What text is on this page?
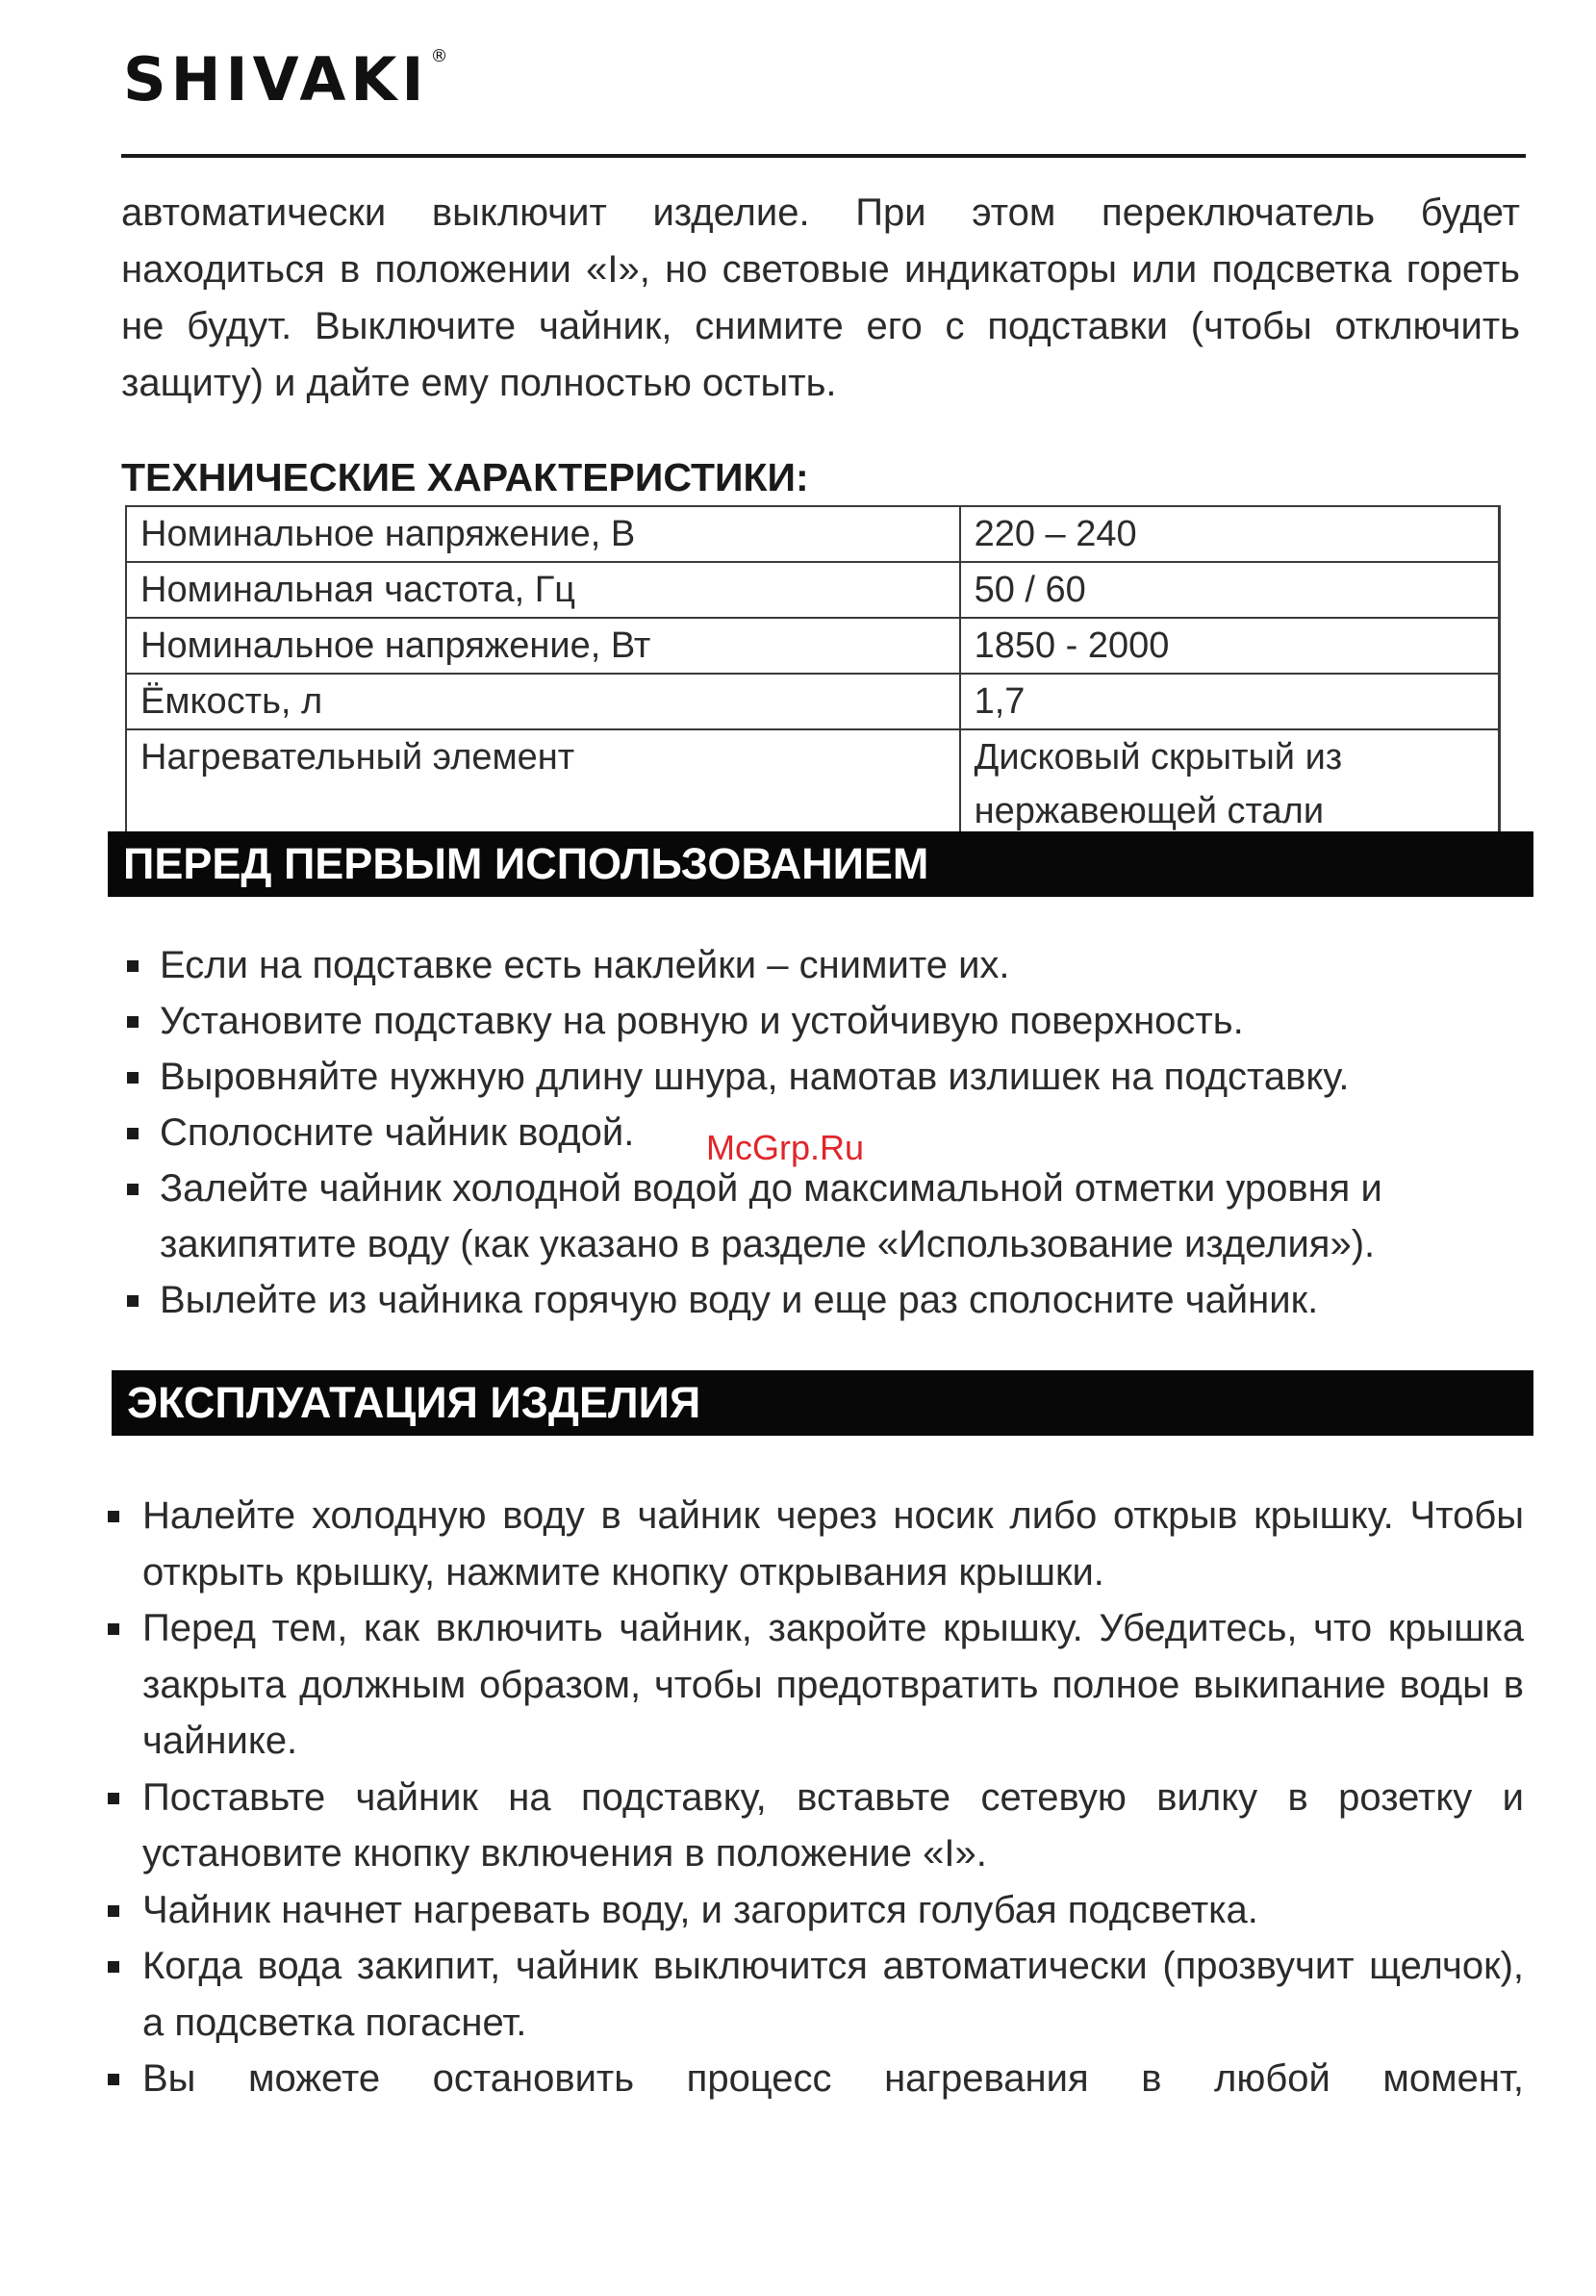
SHIVAKI ®

автоматически выключит изделие. При этом переключатель будет находиться в положении «I», но световые индикаторы или подсветка гореть не будут. Выключите чайник, снимите его с подставки (чтобы отключить защиту) и дайте ему полностью остыть.

ТЕХНИЧЕСКИЕ ХАРАКТЕРИСТИКИ:
Номинальное напряжение, В	220 – 240
Номинальная частота, Гц	50 / 60
Номинальное напряжение, Вт	1850 - 2000
Ёмкость, л	1,7
Нагревательный элемент	Дисковый скрытый из нержавеющей стали
ПЕРЕД ПЕРВЫМ ИСПОЛЬЗОВАНИЕМ
Если на подставке есть наклейки – снимите их.
Установите подставку на ровную и устойчивую поверхность.
Выровняйте нужную длину шнура, намотав излишек на подставку.
Сполосните чайник водой.
Залейте чайник холодной водой до максимальной отметки уровня и закипятите воду (как указано в разделе «Использование изделия»).
Вылейте из чайника горячую воду и еще раз сполосните чайник.
McGrp.Ru
ЭКСПЛУАТАЦИЯ ИЗДЕЛИЯ
Налейте холодную воду в чайник через носик либо открыв крышку. Чтобы открыть крышку, нажмите кнопку открывания крышки.
Перед тем, как включить чайник, закройте крышку. Убедитесь, что крышка закрыта должным образом, чтобы предотвратить полное выкипание воды в чайнике.
Поставьте чайник на подставку, вставьте сетевую вилку в розетку и установите кнопку включения в положение «I».
Чайник начнет нагревать воду, и загорится голубая подсветка.
Когда вода закипит, чайник выключится автоматически (прозвучит щелчок), а подсветка погаснет.
Вы можете остановить процесс нагревания в любой момент,
